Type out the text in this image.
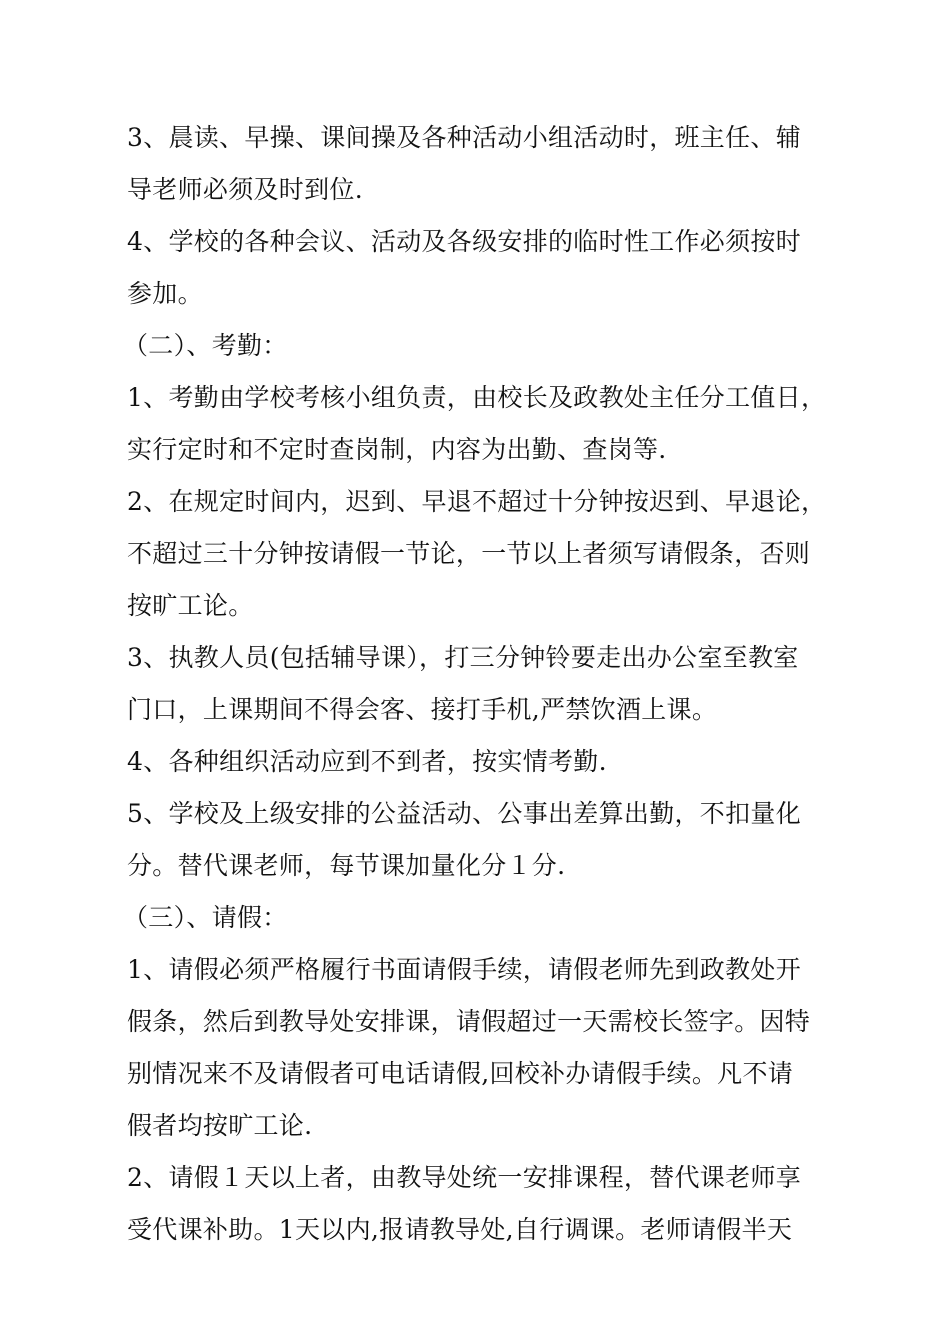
3、晨读、早操、课间操及各种活动小组活动时，班主任、辅
导老师必须及时到位.
4、学校的各种会议、活动及各级安排的临时性工作必须按时
参加。
（二）、考勤：
1、考勤由学校考核小组负责，由校长及政教处主任分工值日，
实行定时和不定时查岗制，内容为出勤、查岗等.
2、在规定时间内，迟到、早退不超过十分钟按迟到、早退论，
不超过三十分钟按请假一节论，一节以上者须写请假条，否则
按旷工论。
3、执教人员(包括辅导课），打三分钟铃要走出办公室至教室
门口，上课期间不得会客、接打手机,严禁饮酒上课。
4、各种组织活动应到不到者，按实情考勤.
5、学校及上级安排的公益活动、公事出差算出勤，不扣量化
分。替代课老师，每节课加量化分１分.
（三）、请假：
1、请假必须严格履行书面请假手续，请假老师先到政教处开
假条，然后到教导处安排课，请假超过一天需校长签字。因特
别情况来不及请假者可电话请假,回校补办请假手续。凡不请
假者均按旷工论.
2、请假１天以上者，由教导处统一安排课程，替代课老师享
受代课补助。1天以内,报请教导处,自行调课。老师请假半天
